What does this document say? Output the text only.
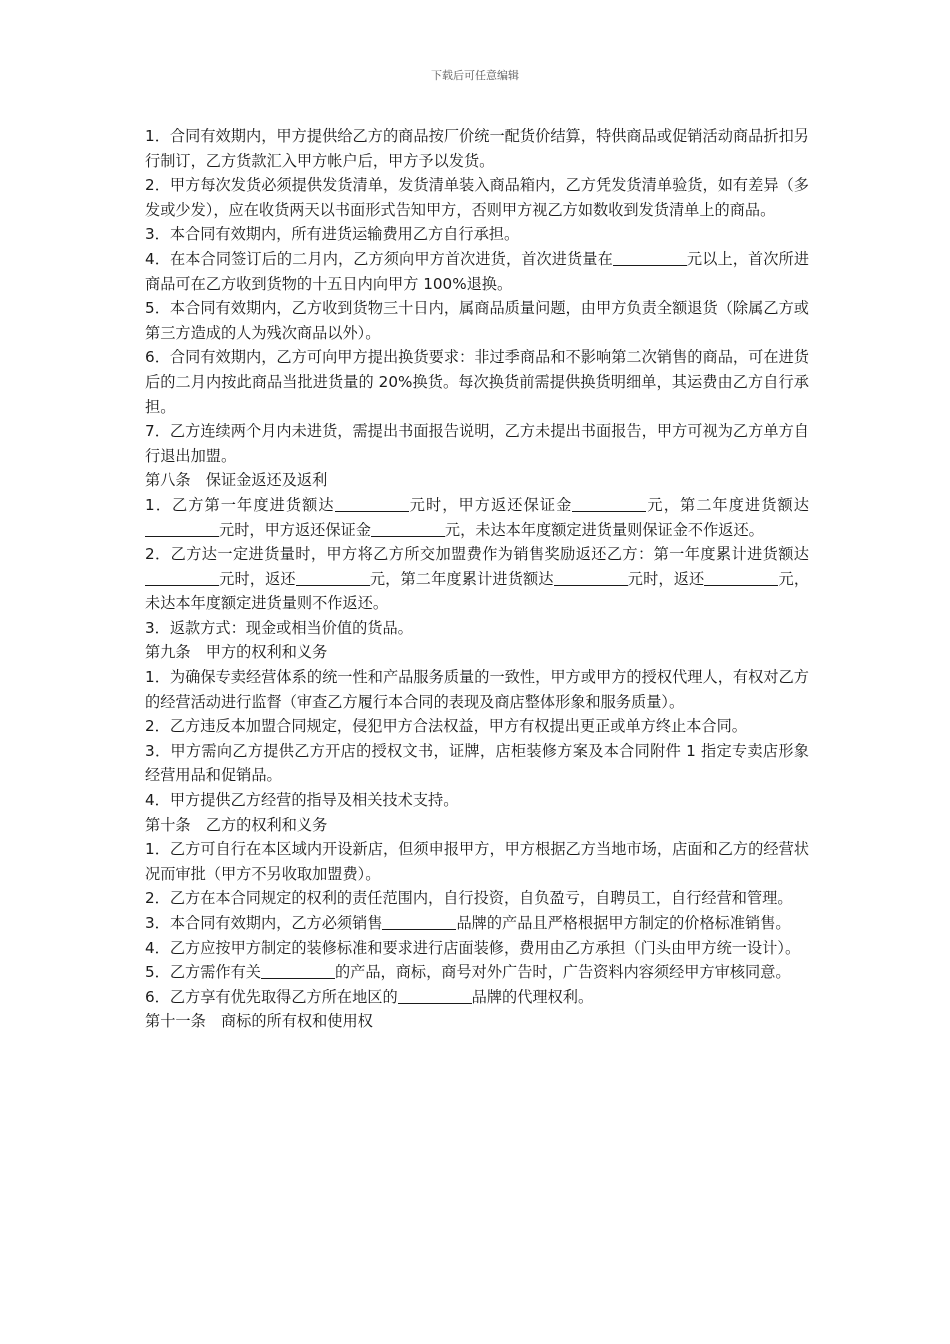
下载后可任意编辑

1．合同有效期内，甲方提供给乙方的商品按厂价统一配货价结算，特供商品或促销活动商品折扣另行制订，乙方货款汇入甲方帐户后，甲方予以发货。

2．甲方每次发货必须提供发货清单，发货清单装入商品箱内，乙方凭发货清单验货，如有差异（多发或少发），应在收货两天以书面形式告知甲方，否则甲方视乙方如数收到发货清单上的商品。

3．本合同有效期内，所有进货运输费用乙方自行承担。

4．在本合同签订后的二月内，乙方须向甲方首次进货，首次进货量在	元以上，首次所进商品可在乙方收到货物的十五日内向甲方 100%退换。

5．本合同有效期内，乙方收到货物三十日内，属商品质量问题，由甲方负责全额退货（除属乙方或第三方造成的人为残次商品以外）。

6．合同有效期内，乙方可向甲方提出换货要求：非过季商品和不影响第二次销售的商品，可在进货后的二月内按此商品当批进货量的 20%换货。每次换货前需提供换货明细单，其运费由乙方自行承担。

7．乙方连续两个月内未进货，需提出书面报告说明，乙方未提出书面报告，甲方可视为乙方单方自行退出加盟。

第八条　保证金返还及返利

1．乙方第一年度进货额达	元时，甲方返还保证金	元，第二年度进货额达元时，甲方返还保证金	元，未达本年度额定进货量则保证金不作返还。

2．乙方达一定进货量时，甲方将乙方所交加盟费作为销售奖励返还乙方：第一年度累计进货额达元时，返还	元，第二年度累计进货额达	元时，返还	元，未达本年度额定进货量则不作返还。

3．返款方式：现金或相当价值的货品。

第九条　甲方的权利和义务

1．为确保专卖经营体系的统一性和产品服务质量的一致性，甲方或甲方的授权代理人，有权对乙方的经营活动进行监督（审查乙方履行本合同的表现及商店整体形象和服务质量）。

2．乙方违反本加盟合同规定，侵犯甲方合法权益，甲方有权提出更正或单方终止本合同。

3．甲方需向乙方提供乙方开店的授权文书，证牌，店柜装修方案及本合同附件 1 指定专卖店形象经营用品和促销品。

4．甲方提供乙方经营的指导及相关技术支持。

第十条　乙方的权利和义务

1．乙方可自行在本区域内开设新店，但须申报甲方，甲方根据乙方当地市场，店面和乙方的经营状况而审批（甲方不另收取加盟费）。

2．乙方在本合同规定的权利的责任范围内，自行投资，自负盈亏，自聘员工，自行经营和管理。

3．本合同有效期内，乙方必须销售	品牌的产品且严格根据甲方制定的价格标准销售。

4．乙方应按甲方制定的装修标准和要求进行店面装修，费用由乙方承担（门头由甲方统一设计）。

5．乙方需作有关	的产品，商标，商号对外广告时，广告资料内容须经甲方审核同意。

6．乙方享有优先取得乙方所在地区的	品牌的代理权利。

第十一条　商标的所有权和使用权
